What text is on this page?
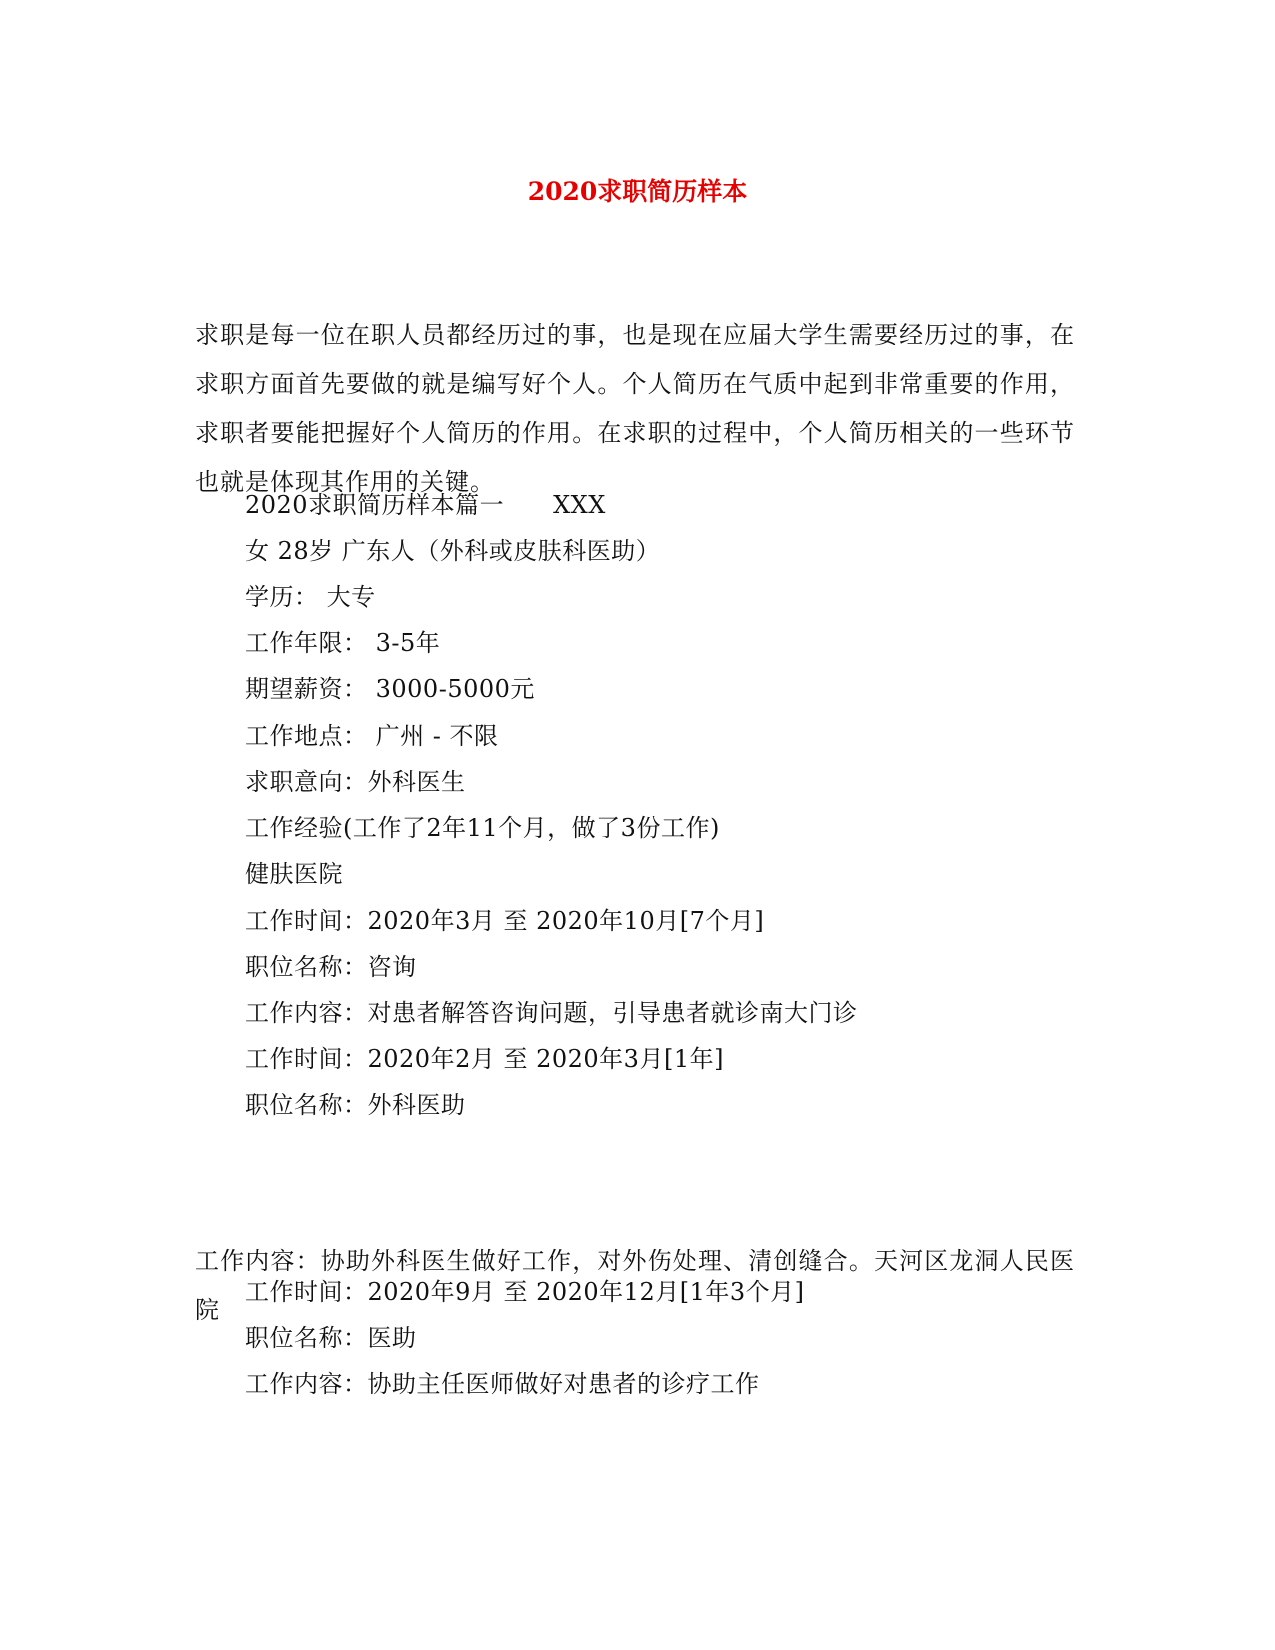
2020求职简历样本
求职是每一位在职人员都经历过的事，也是现在应届大学生需要经历过的事，在求职方面首先要做的就是编写好个人。个人简历在气质中起到非常重要的作用，求职者要能把握好个人简历的作用。在求职的过程中，个人简历相关的一些环节也就是体现其作用的关键。
2020求职简历样本篇一　　XXX
女 28岁 广东人（外科或皮肤科医助）
学历： 大专
工作年限： 3-5年
期望薪资： 3000-5000元
工作地点： 广州 - 不限
求职意向：外科医生
工作经验(工作了2年11个月，做了3份工作)
健肤医院
工作时间：2020年3月 至 2020年10月[7个月]
职位名称：咨询
工作内容：对患者解答咨询问题，引导患者就诊南大门诊
工作时间：2020年2月 至 2020年3月[1年]
职位名称：外科医助
工作内容：协助外科医生做好工作，对外伤处理、清创缝合。天河区龙洞人民医院
工作时间：2020年9月 至 2020年12月[1年3个月]
职位名称：医助
工作内容：协助主任医师做好对患者的诊疗工作
